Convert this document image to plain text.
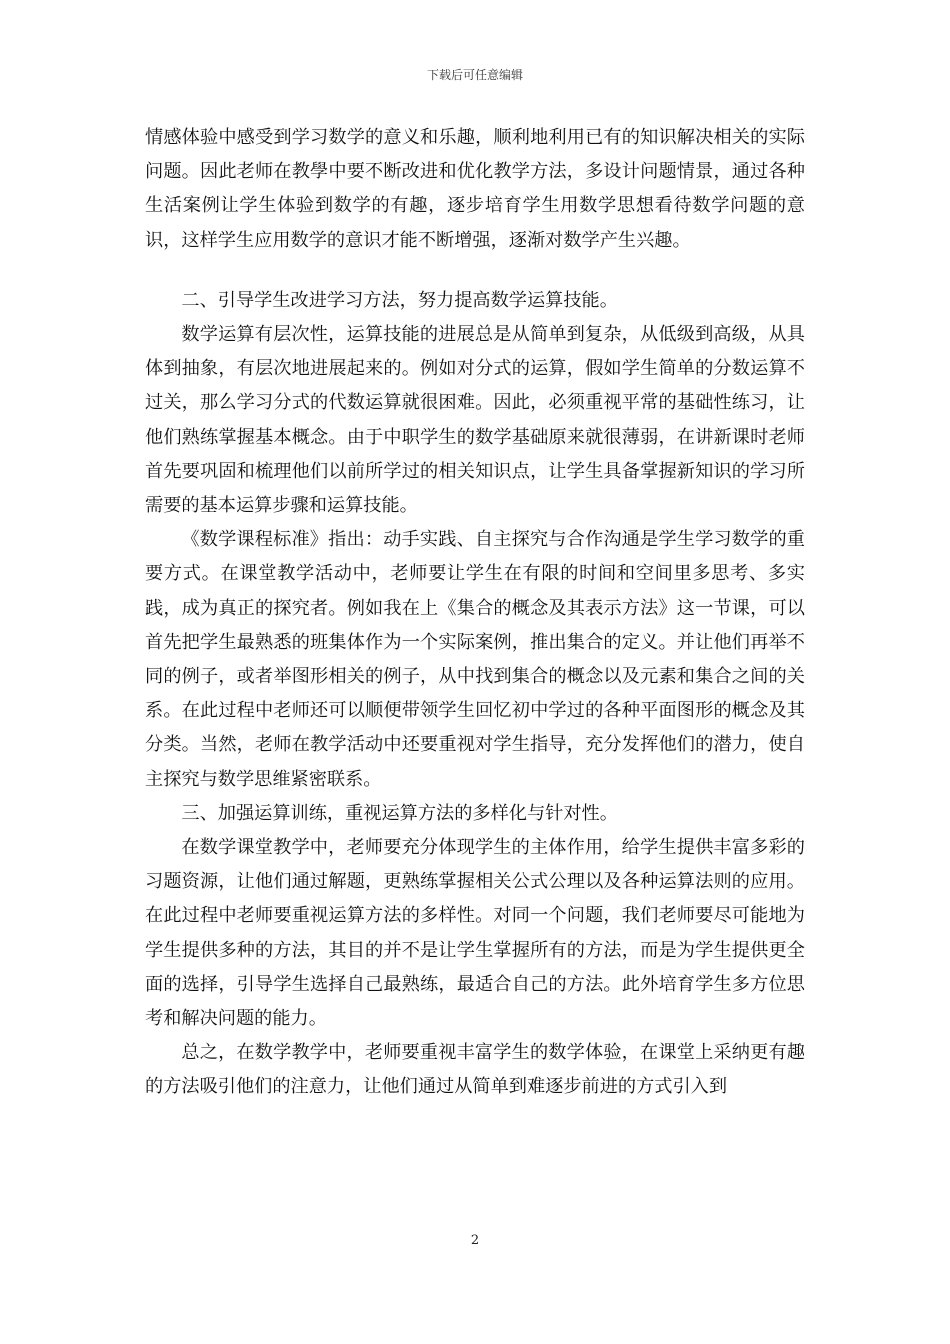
下载后可任意编辑

情感体验中感受到学习数学的意义和乐趣，顺利地利用已有的知识解决相关的实际问题。因此老师在教學中要不断改进和优化教学方法，多设计问题情景，通过各种生活案例让学生体验到数学的有趣，逐步培育学生用数学思想看待数学问题的意识，这样学生应用数学的意识才能不断增强，逐渐对数学产生兴趣。

二、引导学生改进学习方法，努力提高数学运算技能。

数学运算有层次性，运算技能的进展总是从简单到复杂，从低级到高级，从具体到抽象，有层次地进展起来的。例如对分式的运算，假如学生简单的分数运算不过关，那么学习分式的代数运算就很困难。因此，必须重视平常的基础性练习，让他们熟练掌握基本概念。由于中职学生的数学基础原来就很薄弱，在讲新课时老师首先要巩固和梳理他们以前所学过的相关知识点，让学生具备掌握新知识的学习所需要的基本运算步骤和运算技能。

《数学课程标准》指出：动手实践、自主探究与合作沟通是学生学习数学的重要方式。在课堂教学活动中，老师要让学生在有限的时间和空间里多思考、多实践，成为真正的探究者。例如我在上《集合的概念及其表示方法》这一节课，可以首先把学生最熟悉的班集体作为一个实际案例，推出集合的定义。并让他们再举不同的例子，或者举图形相关的例子，从中找到集合的概念以及元素和集合之间的关系。在此过程中老师还可以顺便带领学生回忆初中学过的各种平面图形的概念及其分类。当然，老师在教学活动中还要重视对学生指导，充分发挥他们的潜力，使自主探究与数学思维紧密联系。

三、加强运算训练，重视运算方法的多样化与针对性。

在数学课堂教学中，老师要充分体现学生的主体作用，给学生提供丰富多彩的习题资源，让他们通过解题，更熟练掌握相关公式公理以及各种运算法则的应用。在此过程中老师要重视运算方法的多样性。对同一个问题，我们老师要尽可能地为学生提供多种的方法，其目的并不是让学生掌握所有的方法，而是为学生提供更全面的选择，引导学生选择自己最熟练，最适合自己的方法。此外培育学生多方位思考和解决问题的能力。

总之，在数学教学中，老师要重视丰富学生的数学体验，在课堂上采纳更有趣的方法吸引他们的注意力，让他们通过从简单到难逐步前进的方式引入到

2
